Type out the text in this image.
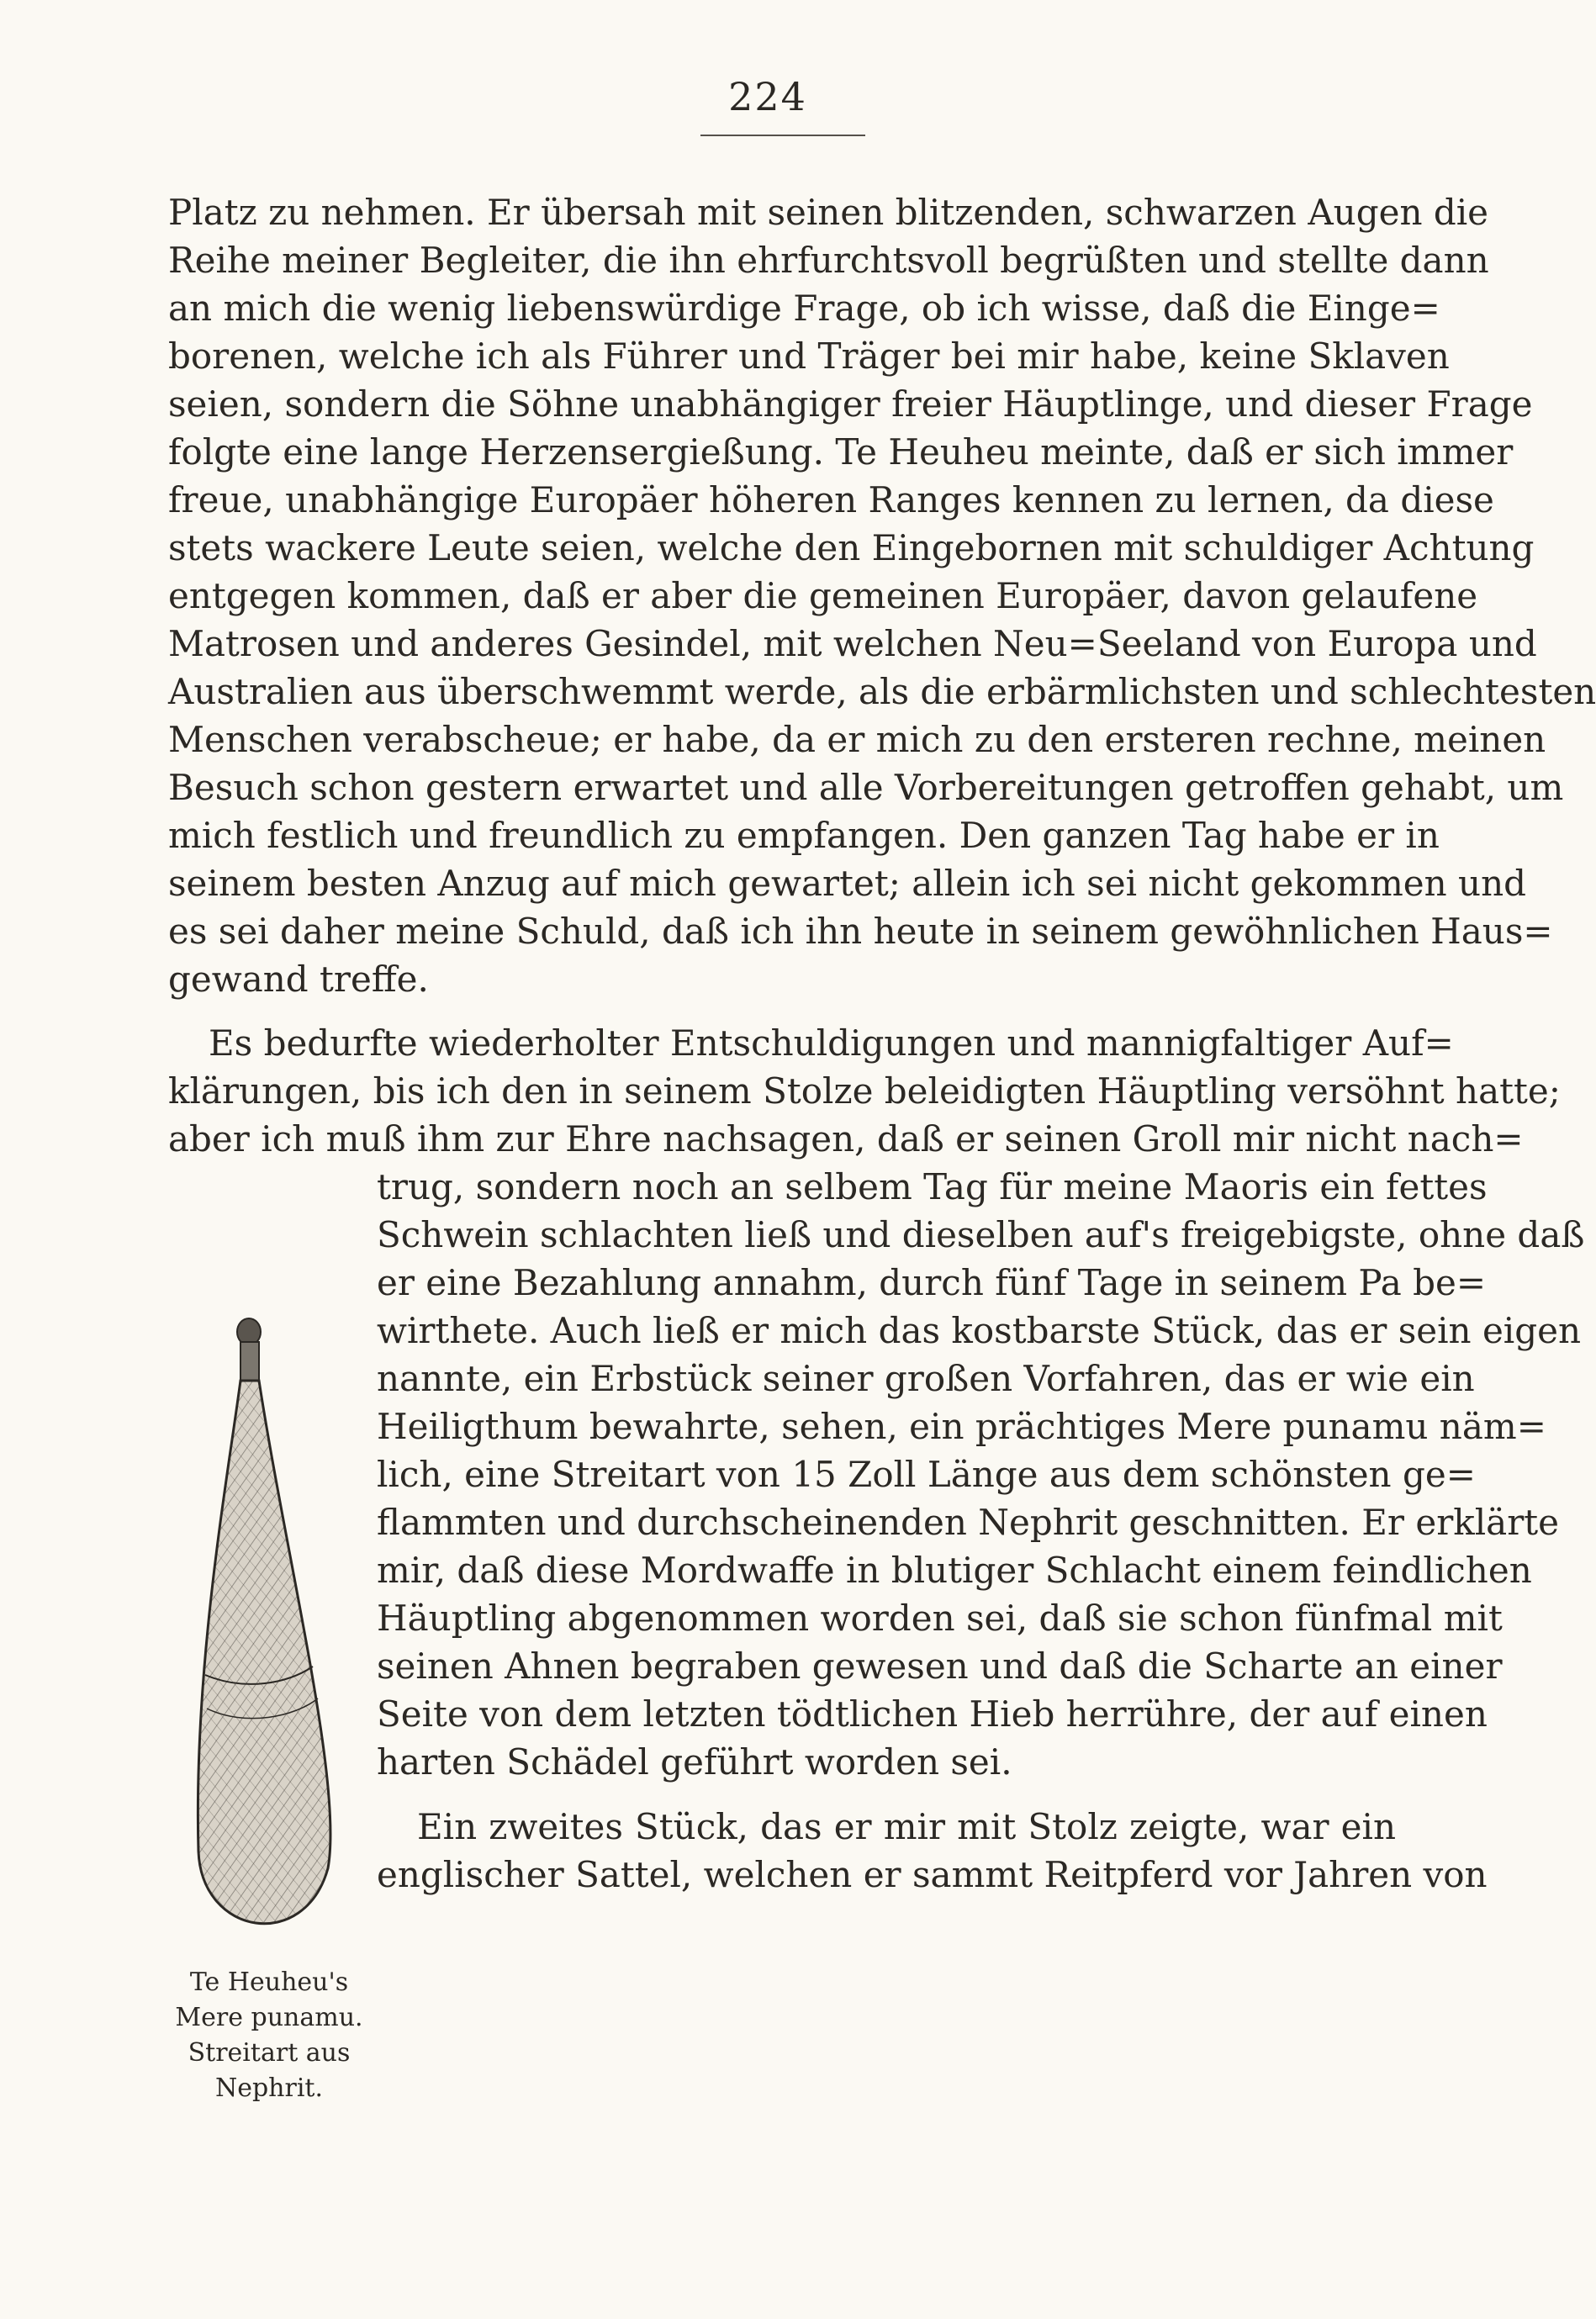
224

Platz zu nehmen. Er übersah mit seinen blitzenden, schwarzen Augen die

Reihe meiner Begleiter, die ihn ehrfurchtsvoll begrüßten und stellte dann

an mich die wenig liebenswürdige Frage, ob ich wisse, daß die Einge=

borenen, welche ich als Führer und Träger bei mir habe, keine Sklaven

seien, sondern die Söhne unabhängiger freier Häuptlinge, und dieser Frage

folgte eine lange Herzensergießung. Te Heuheu meinte, daß er sich immer

freue, unabhängige Europäer höheren Ranges kennen zu lernen, da diese

stets wackere Leute seien, welche den Eingebornen mit schuldiger Achtung

entgegen kommen, daß er aber die gemeinen Europäer, davon gelaufene

Matrosen und anderes Gesindel, mit welchen Neu=Seeland von Europa und

Australien aus überschwemmt werde, als die erbärmlichsten und schlechtesten

Menschen verabscheue; er habe, da er mich zu den ersteren rechne, meinen

Besuch schon gestern erwartet und alle Vorbereitungen getroffen gehabt, um

mich festlich und freundlich zu empfangen. Den ganzen Tag habe er in

seinem besten Anzug auf mich gewartet; allein ich sei nicht gekommen und

es sei daher meine Schuld, daß ich ihn heute in seinem gewöhnlichen Haus=

gewand treffe.

Es bedurfte wiederholter Entschuldigungen und mannigfaltiger Auf=

klärungen, bis ich den in seinem Stolze beleidigten Häuptling versöhnt hatte;

aber ich muß ihm zur Ehre nachsagen, daß er seinen Groll mir nicht nach=

trug, sondern noch an selbem Tag für meine Maoris ein fettes

Schwein schlachten ließ und dieselben auf's freigebigste, ohne daß

er eine Bezahlung annahm, durch fünf Tage in seinem Pa be=

wirthete. Auch ließ er mich das kostbarste Stück, das er sein eigen

nannte, ein Erbstück seiner großen Vorfahren, das er wie ein

Heiligthum bewahrte, sehen, ein prächtiges Mere punamu näm=

lich, eine Streitart von 15 Zoll Länge aus dem schönsten ge=

flammten und durchscheinenden Nephrit geschnitten. Er erklärte

mir, daß diese Mordwaffe in blutiger Schlacht einem feindlichen

Häuptling abgenommen worden sei, daß sie schon fünfmal mit

seinen Ahnen begraben gewesen und daß die Scharte an einer

Seite von dem letzten tödtlichen Hieb herrühre, der auf einen

harten Schädel geführt worden sei.

Ein zweites Stück, das er mir mit Stolz zeigte, war ein

englischer Sattel, welchen er sammt Reitpferd vor Jahren von

Te Heuheu's

Mere punamu.

Streitart aus

Nephrit.
